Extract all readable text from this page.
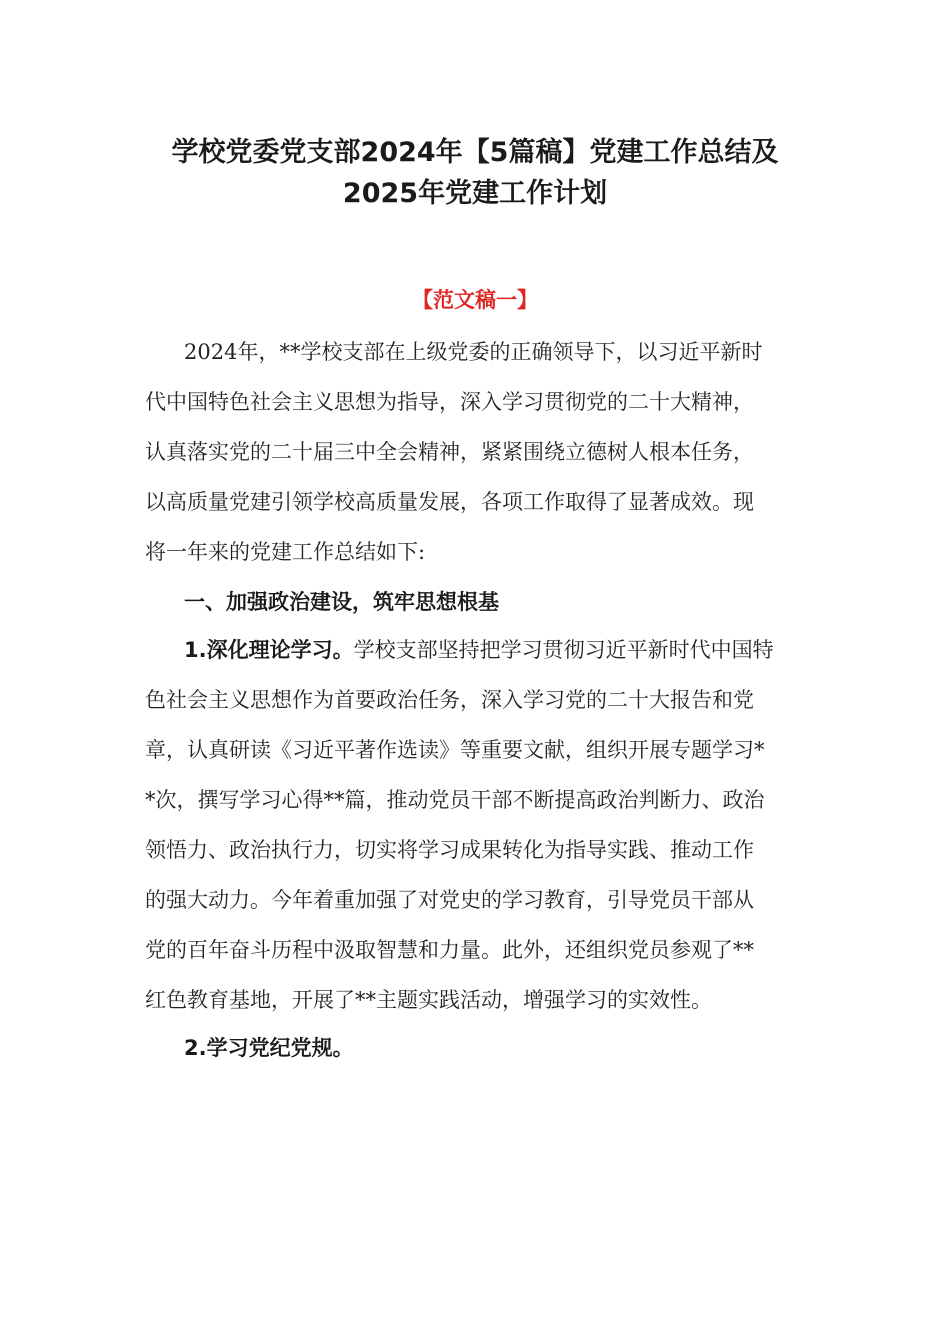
学校党委党支部2024年【5篇稿】党建工作总结及
2025年党建工作计划
【范文稿一】
2024年，**学校支部在上级党委的正确领导下，以习近平新时
代中国特色社会主义思想为指导，深入学习贯彻党的二十大精神，
认真落实党的二十届三中全会精神，紧紧围绕立德树人根本任务，
以高质量党建引领学校高质量发展，各项工作取得了显著成效。现
将一年来的党建工作总结如下:
一、加强政治建设，筑牢思想根基
1.深化理论学习。学校支部坚持把学习贯彻习近平新时代中国特
色社会主义思想作为首要政治任务，深入学习党的二十大报告和党
章，认真研读《习近平著作选读》等重要文献，组织开展专题学习*
*次，撰写学习心得**篇，推动党员干部不断提高政治判断力、政治
领悟力、政治执行力，切实将学习成果转化为指导实践、推动工作
的强大动力。今年着重加强了对党史的学习教育，引导党员干部从
党的百年奋斗历程中汲取智慧和力量。此外，还组织党员参观了**
红色教育基地，开展了**主题实践活动，增强学习的实效性。
2.学习党纪党规。
